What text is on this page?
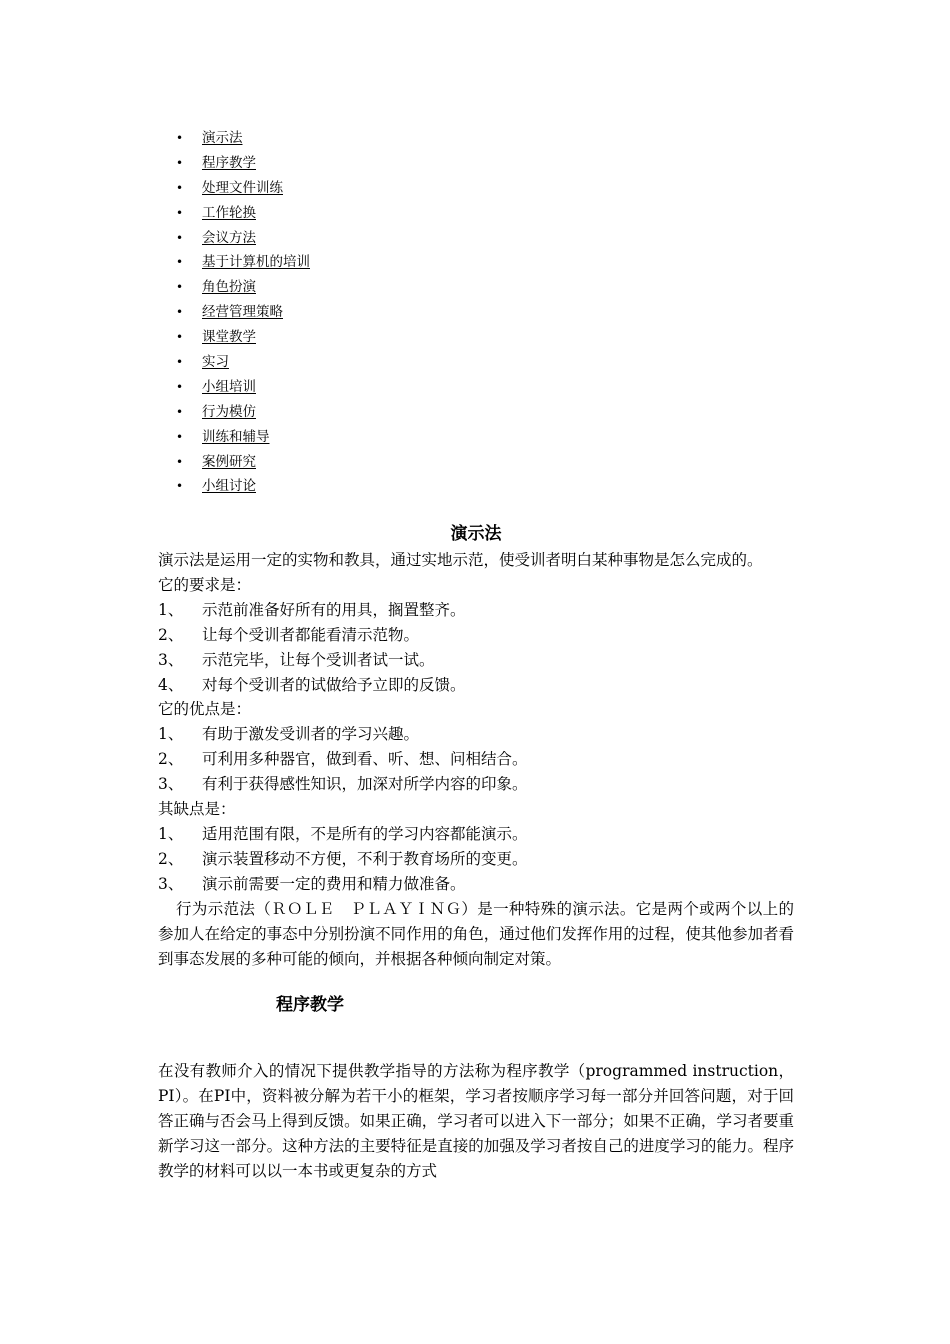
• 演示法
• 程序教学
• 处理文件训练
• 工作轮换
• 会议方法
• 基于计算机的培训
• 角色扮演
• 经营管理策略
• 课堂教学
• 实习
• 小组培训
• 行为模仿
• 训练和辅导
• 案例研究
• 小组讨论
演示法

演示法是运用一定的实物和教具，通过实地示范，使受训者明白某种事物是怎么完成的。

它的要求是：

1、	示范前准备好所有的用具，搁置整齐。
2、	让每个受训者都能看清示范物。
3、	示范完毕，让每个受训者试一试。
4、	对每个受训者的试做给予立即的反馈。

它的优点是：

1、	有助于激发受训者的学习兴趣。
2、	可利用多种器官，做到看、听、想、问相结合。
3、	有利于获得感性知识，加深对所学内容的印象。

其缺点是：

1、	适用范围有限，不是所有的学习内容都能演示。
2、	演示装置移动不方便，不利于教育场所的变更。
3、	演示前需要一定的费用和精力做准备。

行为示范法（ＲＯＬＥ　ＰＬＡＹＩＮＧ）是一种特殊的演示法。它是两个或两个以上的参加人在给定的事态中分别扮演不同作用的角色，通过他们发挥作用的过程，使其他参加者看到事态发展的多种可能的倾向，并根据各种倾向制定对策。

程序教学

在没有教师介入的情况下提供教学指导的方法称为程序教学（programmed instruction，PI）。在PI中，资料被分解为若干小的框架，学习者按顺序学习每一部分并回答问题，对于回答正确与否会马上得到反馈。如果正确，学习者可以进入下一部分；如果不正确，学习者要重新学习这一部分。这种方法的主要特征是直接的加强及学习者按自己的进度学习的能力。程序教学的材料可以以一本书或更复杂的方式
